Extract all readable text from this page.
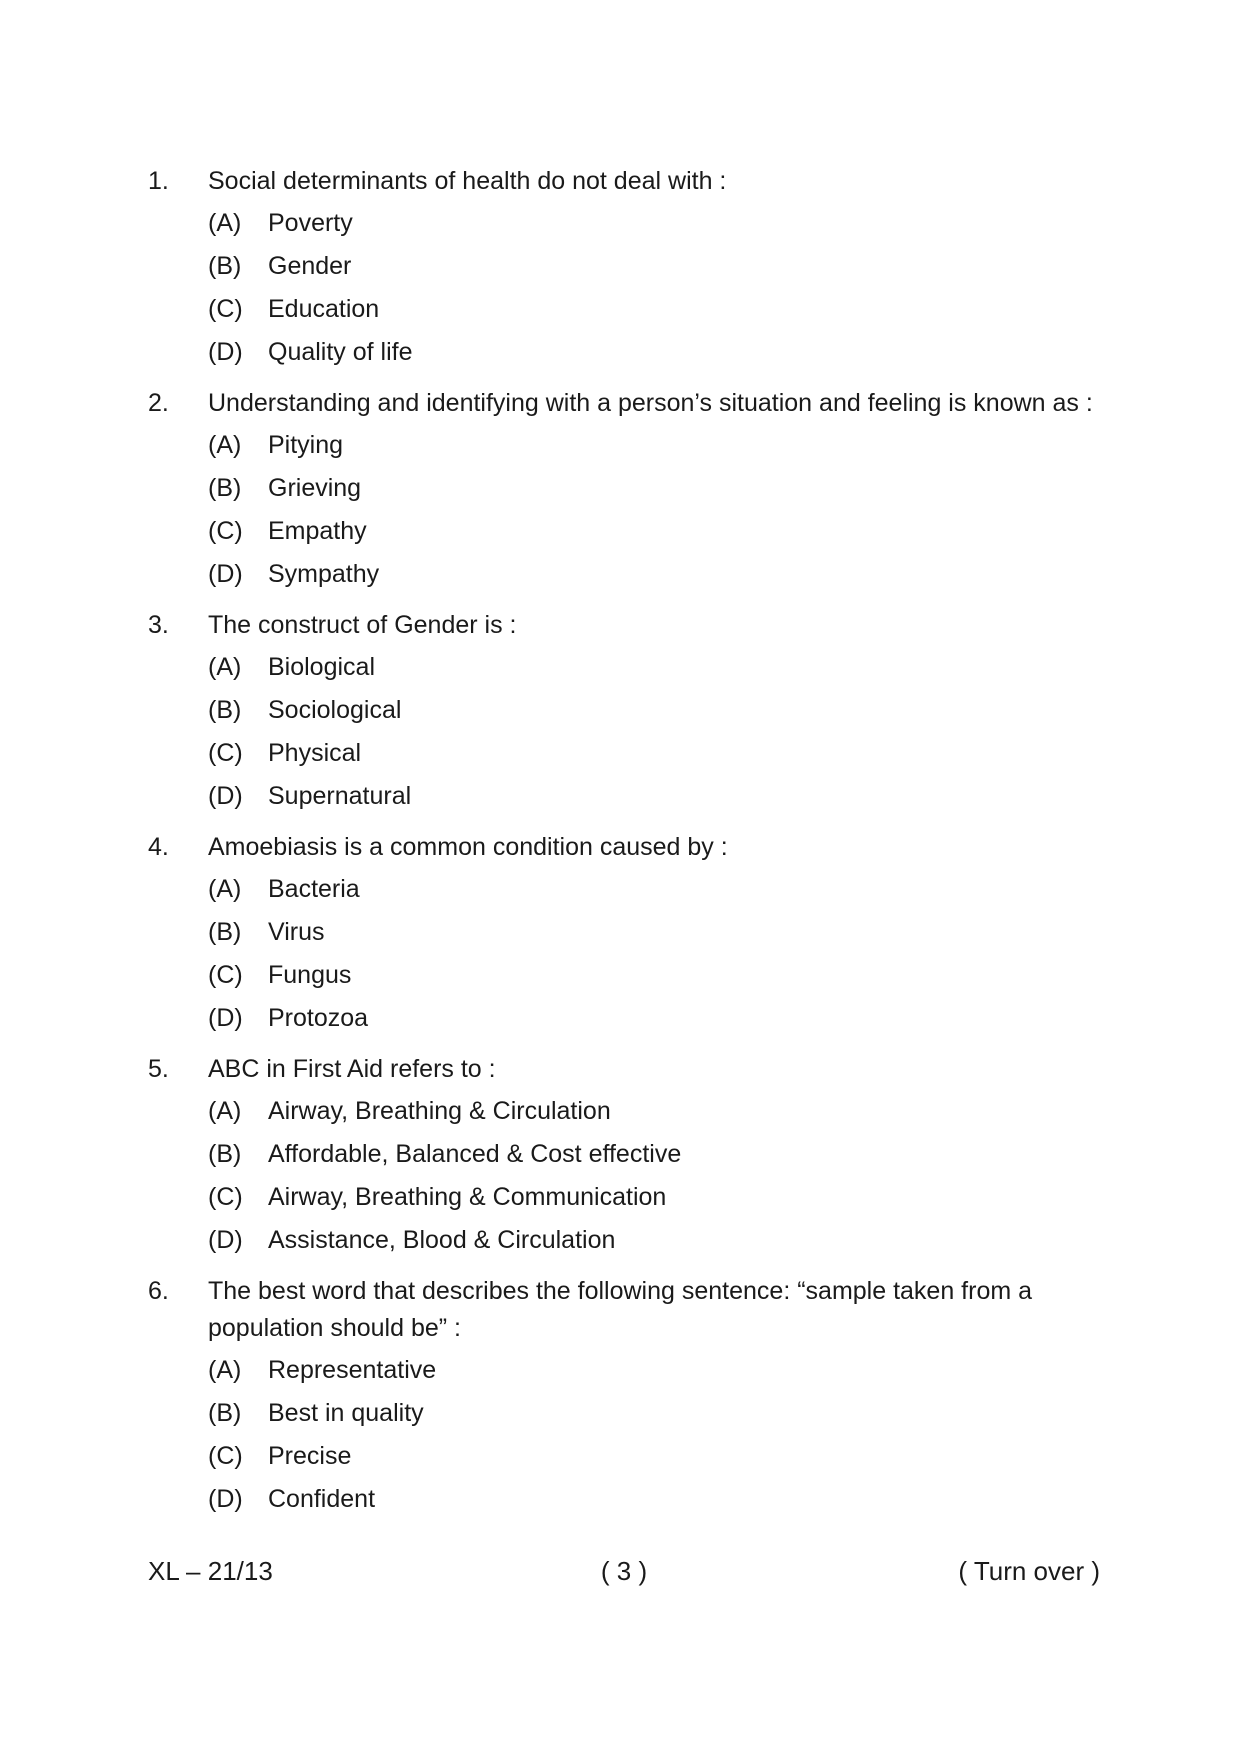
1.	Social determinants of health do not deal with :
(A)	Poverty
(B)	Gender
(C)	Education
(D)	Quality of life
2.	Understanding and identifying with a person’s situation and feeling is known as :
(A)	Pitying
(B)	Grieving
(C)	Empathy
(D)	Sympathy
3.	The construct of Gender is :
(A)	Biological
(B)	Sociological
(C)	Physical
(D)	Supernatural
4.	Amoebiasis is a common condition caused by :
(A)	Bacteria
(B)	Virus
(C)	Fungus
(D)	Protozoa
5.	ABC in First Aid refers to :
(A)	Airway, Breathing & Circulation
(B)	Affordable, Balanced & Cost effective
(C)	Airway, Breathing & Communication
(D)	Assistance, Blood & Circulation
6.	The best word that describes the following sentence: “sample taken from a population should be” :
(A)	Representative
(B)	Best in quality
(C)	Precise
(D)	Confident
XL – 21/13	( 3 )	( Turn over )
